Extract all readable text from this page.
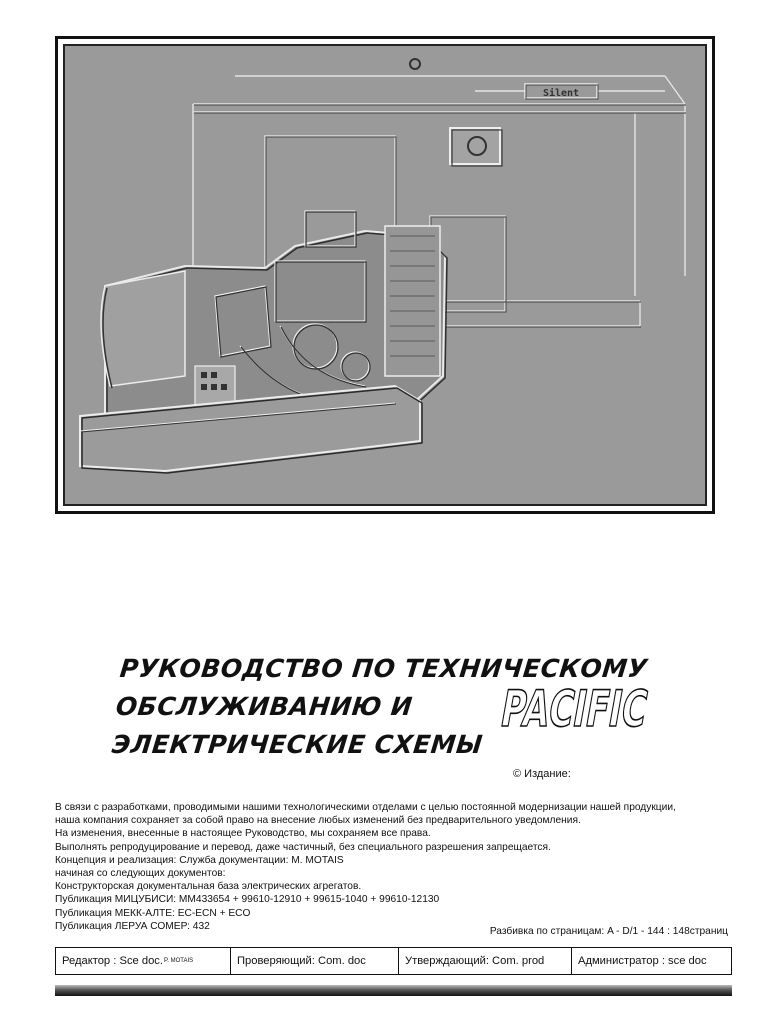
Silent
РУКОВОДСТВО ПО ТЕХНИЧЕСКОМУ
ОБСЛУЖИВАНИЮ И
ЭЛЕКТРИЧЕСКИЕ СХЕМЫ
PACIFIC
© Издание:
В связи с разработками, проводимыми нашими технологическими отделами с целью постоянной модернизации нашей продукции,
наша компания сохраняет за собой право на внесение любых изменений без предварительного уведомления.
На изменения, внесенные в настоящее Руководство, мы сохраняем все права.
Выполнять репродуцирование и перевод, даже частичный, без специального разрешения запрещается.
Концепция и реализация: Служба документации: M. MOTAIS
начиная со следующих документов:
Конструкторская документальная база электрических агрегатов.
Публикация МИЦУБИСИ: MM433654 + 99610-12910 + 99615-1040 + 99610-12130
Публикация МЕКК-АЛТЕ: EC-ECN + ECO
Публикация ЛЕРУА СОМЕР: 432	Разбивка по страницам: A - D/1 - 144 : 148страниц
Редактор : Sce doc. P. MOTAIS	Проверяющий: Com. doc	Утверждающий: Com. prod	Администратор : sce doc
